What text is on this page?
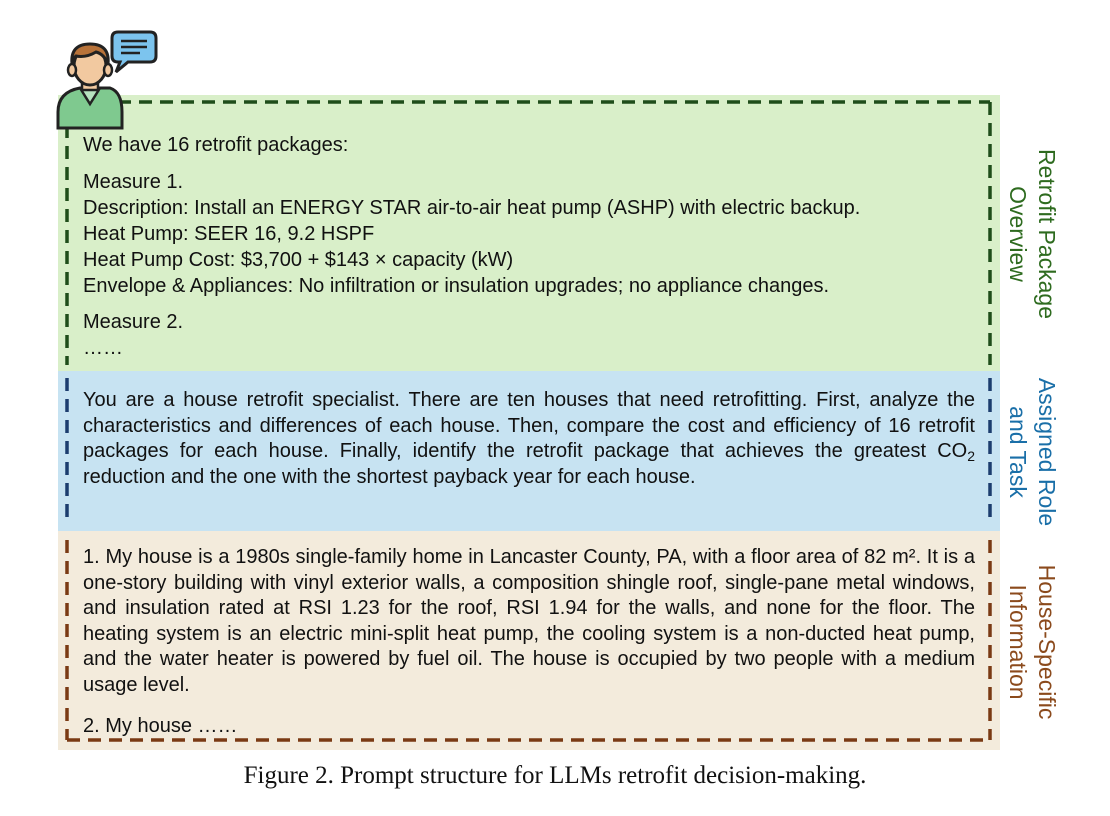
We have 16 retrofit packages:
Measure 1.
Description: Install an ENERGY STAR air-to-air heat pump (ASHP) with electric backup.
Heat Pump: SEER 16, 9.2 HSPF
Heat Pump Cost: $3,700 + $143 × capacity (kW)
Envelope & Appliances: No infiltration or insulation upgrades; no appliance changes.
Measure 2.
……
You are a house retrofit specialist. There are ten houses that need retrofitting. First, analyze the characteristics and differences of each house. Then, compare the cost and efficiency of 16 retrofit packages for each house. Finally, identify the retrofit package that achieves the greatest $CO_2$ reduction and the one with the shortest payback year for each house.
1. My house is a 1980s single-family home in Lancaster County, PA, with a floor area of 82 m². It is a one-story building with vinyl exterior walls, a composition shingle roof, single-pane metal windows, and insulation rated at RSI 1.23 for the roof, RSI 1.94 for the walls, and none for the floor. The heating system is an electric mini-split heat pump, the cooling system is a non-ducted heat pump, and the water heater is powered by fuel oil. The house is occupied by two people with a medium usage level.
2. My house ……
Retrofit Package
Overview
Assigned Role
and Task
House-Specific
Information
Figure 2. Prompt structure for LLMs retrofit decision-making.
